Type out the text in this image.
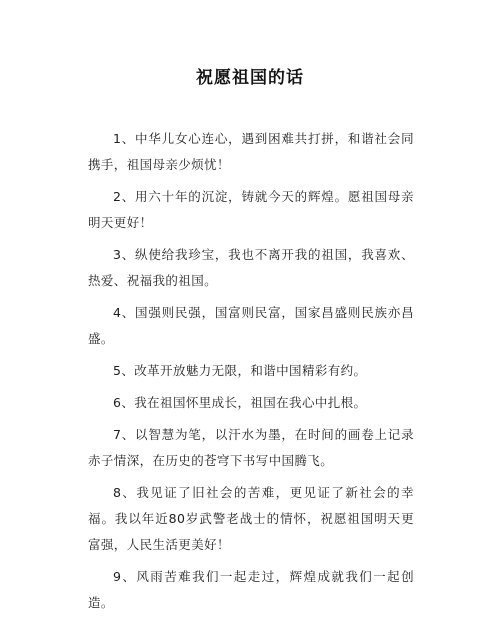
祝愿祖国的话

1、中华儿女心连心，遇到困难共打拼，和谐社会同携手，祖国母亲少烦忧！

2、用六十年的沉淀，铸就今天的辉煌。愿祖国母亲明天更好！

3、纵使给我珍宝，我也不离开我的祖国，我喜欢、热爱、祝福我的祖国。

4、国强则民强，国富则民富，国家昌盛则民族亦昌盛。

5、改革开放魅力无限，和谐中国精彩有约。

6、我在祖国怀里成长，祖国在我心中扎根。

7、以智慧为笔，以汗水为墨，在时间的画卷上记录赤子情深，在历史的苍穹下书写中国腾飞。

8、我见证了旧社会的苦难，更见证了新社会的幸福。我以年近80岁武警老战士的情怀，祝愿祖国明天更富强，人民生活更美好！

9、风雨苦难我们一起走过，辉煌成就我们一起创造。
